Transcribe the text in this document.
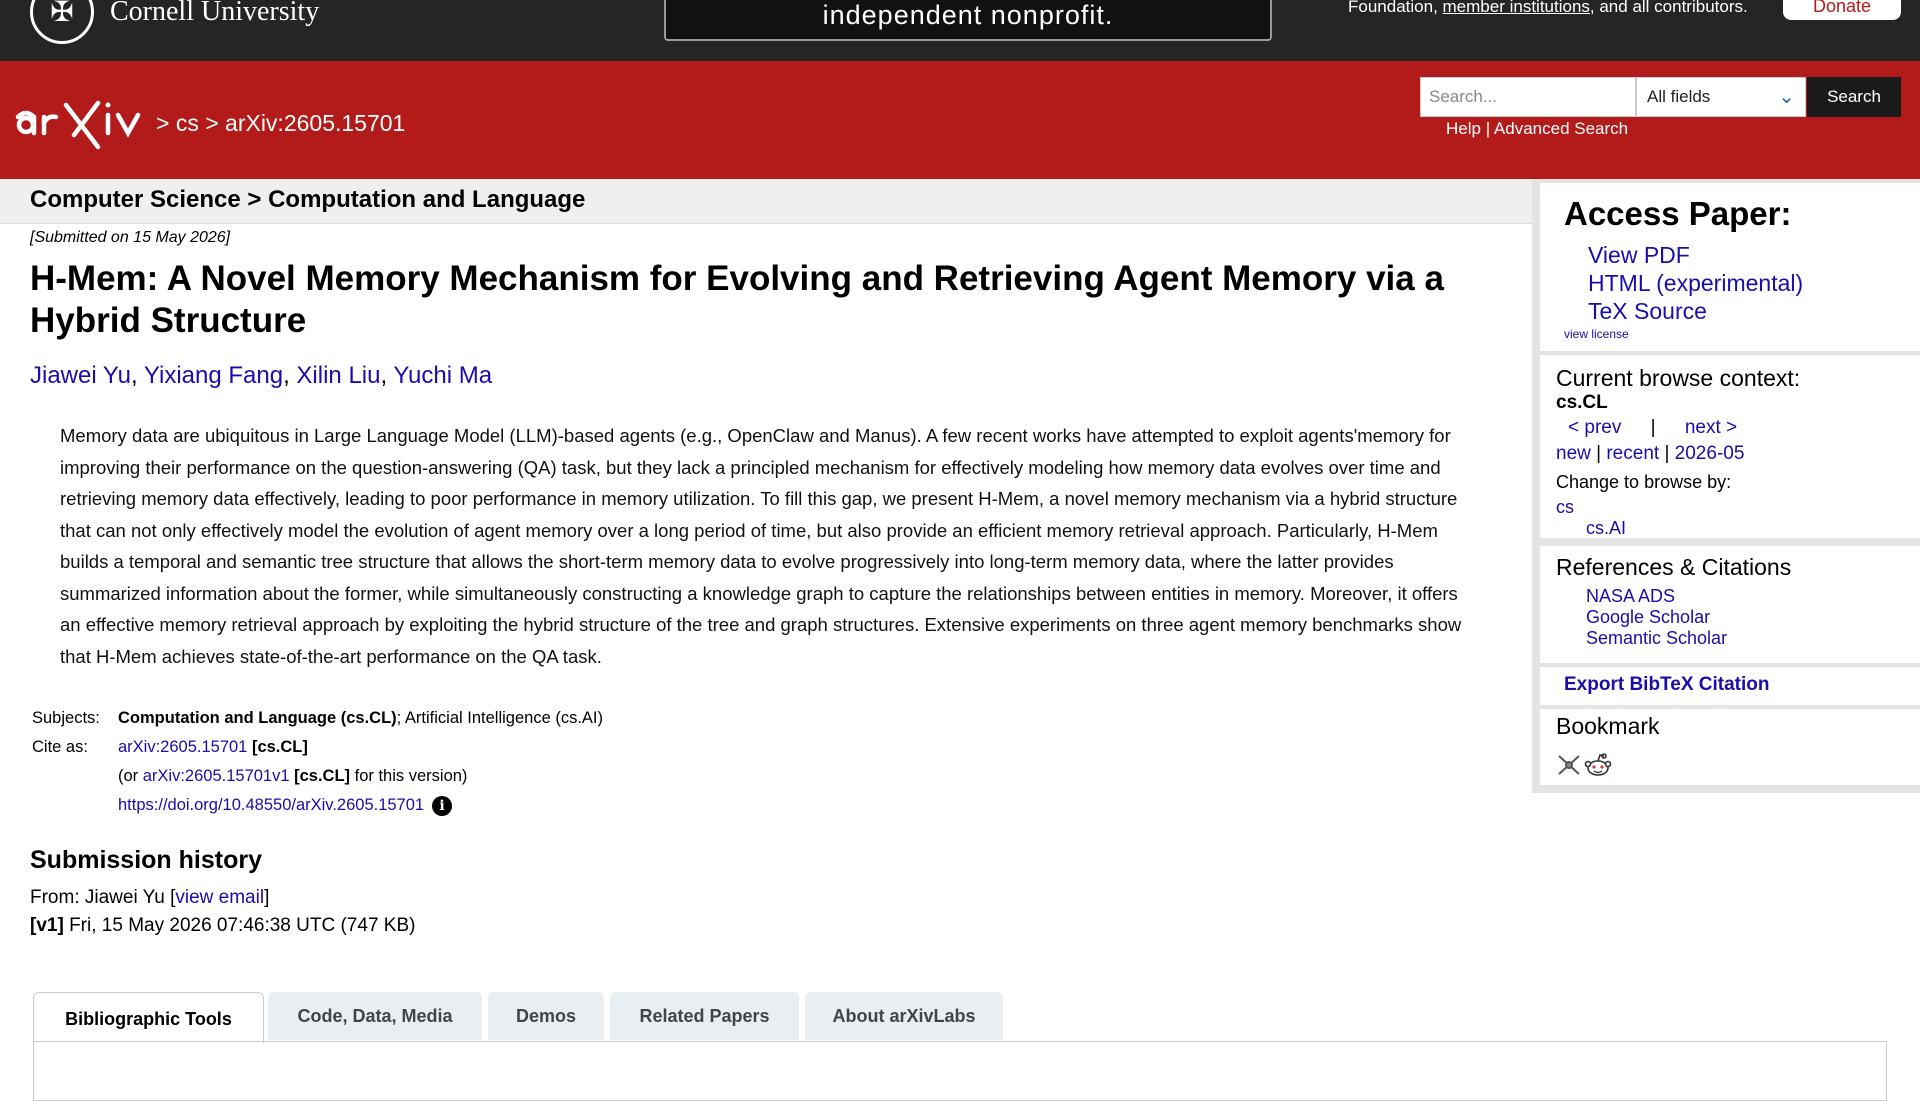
✠ Cornell University	independent nonprofit.	Foundation, member institutions, and all contributors.	Donate
> cs > arXiv:2605.15701
Search...
All fields	⌄	Search
Help | Advanced Search
Computer Science > Computation and Language
[Submitted on 15 May 2026]
H-Mem: A Novel Memory Mechanism for Evolving and Retrieving Agent Memory via a Hybrid Structure
Jiawei Yu, Yixiang Fang, Xilin Liu, Yuchi Ma

Memory data are ubiquitous in Large Language Model (LLM)-based agents (e.g., OpenClaw and Manus). A few recent works have attempted to exploit agents'memory for improving their performance on the question-answering (QA) task, but they lack a principled mechanism for effectively modeling how memory data evolves over time and retrieving memory data effectively, leading to poor performance in memory utilization. To fill this gap, we present H-Mem, a novel memory mechanism via a hybrid structure that can not only effectively model the evolution of agent memory over a long period of time, but also provide an efficient memory retrieval approach. Particularly, H-Mem builds a temporal and semantic tree structure that allows the short-term memory data to evolve progressively into long-term memory data, where the latter provides summarized information about the former, while simultaneously constructing a knowledge graph to capture the relationships between entities in memory. Moreover, it offers an effective memory retrieval approach by exploiting the hybrid structure of the tree and graph structures. Extensive experiments on three agent memory benchmarks show that H-Mem achieves state-of-the-art performance on the QA task.

Subjects:	Computation and Language (cs.CL); Artificial Intelligence (cs.AI)
Cite as:	arXiv:2605.15701 [cs.CL]
	(or arXiv:2605.15701v1 [cs.CL] for this version)
	https://doi.org/10.48550/arXiv.2605.15701 i
Submission history
From: Jiawei Yu [view email]
[v1] Fri, 15 May 2026 07:46:38 UTC (747 KB)
Bibliographic Tools	Code, Data, Media	Demos	Related Papers	About arXivLabs
Access Paper:
View PDF
HTML (experimental)
TeX Source
view license
Current browse context:
cs.CL
< prev | next >
new | recent | 2026-05
Change to browse by:
cs
cs.AI
References & Citations
NASA ADS
Google Scholar
Semantic Scholar
Export BibTeX Citation
Bookmark
